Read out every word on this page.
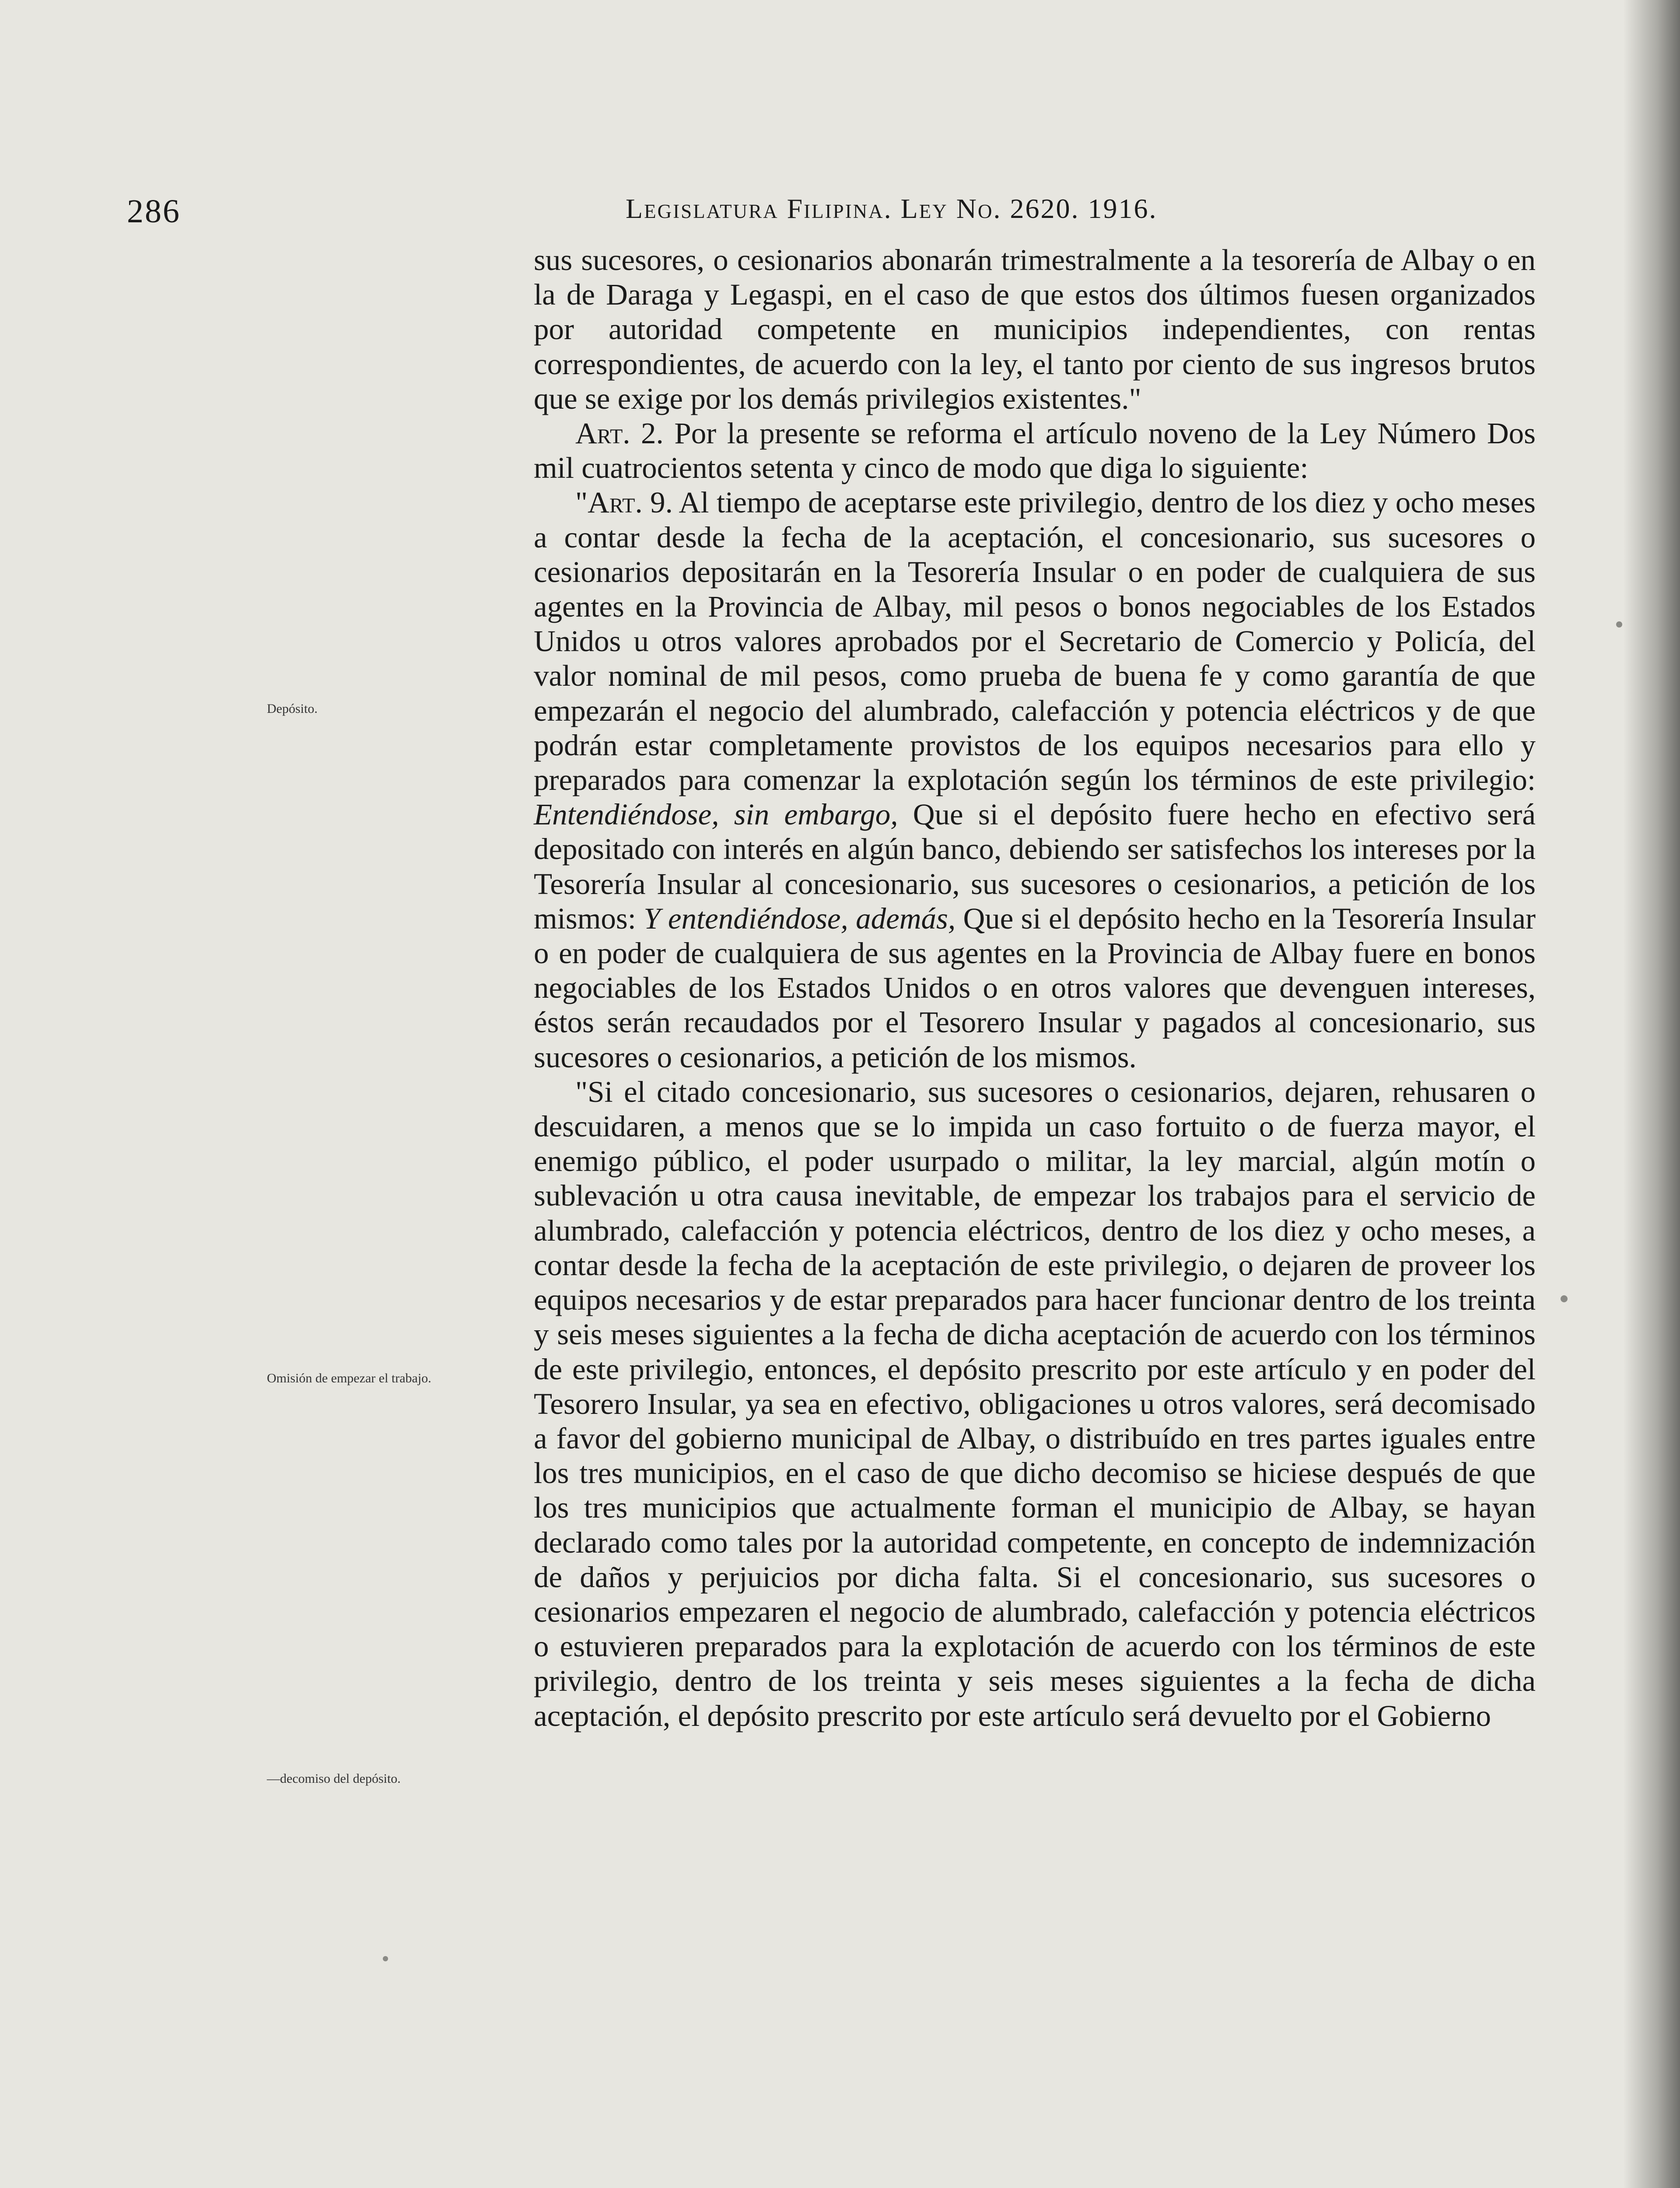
286	Legislatura Filipina. Ley No. 2620. 1916.
Depósito.
Omisión de empezar el trabajo.
—decomiso del depósito.

sus sucesores, o cesionarios abonarán trimestralmente a la tesorería de Albay o en la de Daraga y Legaspi, en el caso de que estos dos últimos fuesen organizados por autoridad competente en municipios independientes, con rentas correspondientes, de acuerdo con la ley, el tanto por ciento de sus ingresos brutos que se exige por los demás privilegios existentes."

Art. 2. Por la presente se reforma el artículo noveno de la Ley Número Dos mil cuatrocientos setenta y cinco de modo que diga lo siguiente:

"Art. 9. Al tiempo de aceptarse este privilegio, dentro de los diez y ocho meses a contar desde la fecha de la aceptación, el concesionario, sus sucesores o cesionarios depositarán en la Tesorería Insular o en poder de cualquiera de sus agentes en la Provincia de Albay, mil pesos o bonos negociables de los Estados Unidos u otros valores aprobados por el Secretario de Comercio y Policía, del valor nominal de mil pesos, como prueba de buena fe y como garantía de que empezarán el negocio del alumbrado, calefacción y potencia eléctricos y de que podrán estar completamente provistos de los equipos necesarios para ello y preparados para comenzar la explotación según los términos de este privilegio: Entendiéndose, sin embargo, Que si el depósito fuere hecho en efectivo será depositado con interés en algún banco, debiendo ser satisfechos los intereses por la Tesorería Insular al concesionario, sus sucesores o cesionarios, a petición de los mismos: Y entendiéndose, además, Que si el depósito hecho en la Tesorería Insular o en poder de cualquiera de sus agentes en la Provincia de Albay fuere en bonos negociables de los Estados Unidos o en otros valores que devenguen intereses, éstos serán recaudados por el Tesorero Insular y pagados al concesionario, sus sucesores o cesionarios, a petición de los mismos.

"Si el citado concesionario, sus sucesores o cesionarios, dejaren, rehusaren o descuidaren, a menos que se lo impida un caso fortuito o de fuerza mayor, el enemigo público, el poder usurpado o militar, la ley marcial, algún motín o sublevación u otra causa inevitable, de empezar los trabajos para el servicio de alumbrado, calefacción y potencia eléctricos, dentro de los diez y ocho meses, a contar desde la fecha de la aceptación de este privilegio, o dejaren de proveer los equipos necesarios y de estar preparados para hacer funcionar dentro de los treinta y seis meses siguientes a la fecha de dicha aceptación de acuerdo con los términos de este privilegio, entonces, el depósito prescrito por este artículo y en poder del Tesorero Insular, ya sea en efectivo, obligaciones u otros valores, será decomisado a favor del gobierno municipal de Albay, o distribuído en tres partes iguales entre los tres municipios, en el caso de que dicho decomiso se hiciese después de que los tres municipios que actualmente forman el municipio de Albay, se hayan declarado como tales por la autoridad competente, en concepto de indemnización de daños y perjuicios por dicha falta. Si el concesionario, sus sucesores o cesionarios empezaren el negocio de alumbrado, calefacción y potencia eléctricos o estuvieren preparados para la explotación de acuerdo con los términos de este privilegio, dentro de los treinta y seis meses siguientes a la fecha de dicha aceptación, el depósito prescrito por este artículo será devuelto por el Gobierno
